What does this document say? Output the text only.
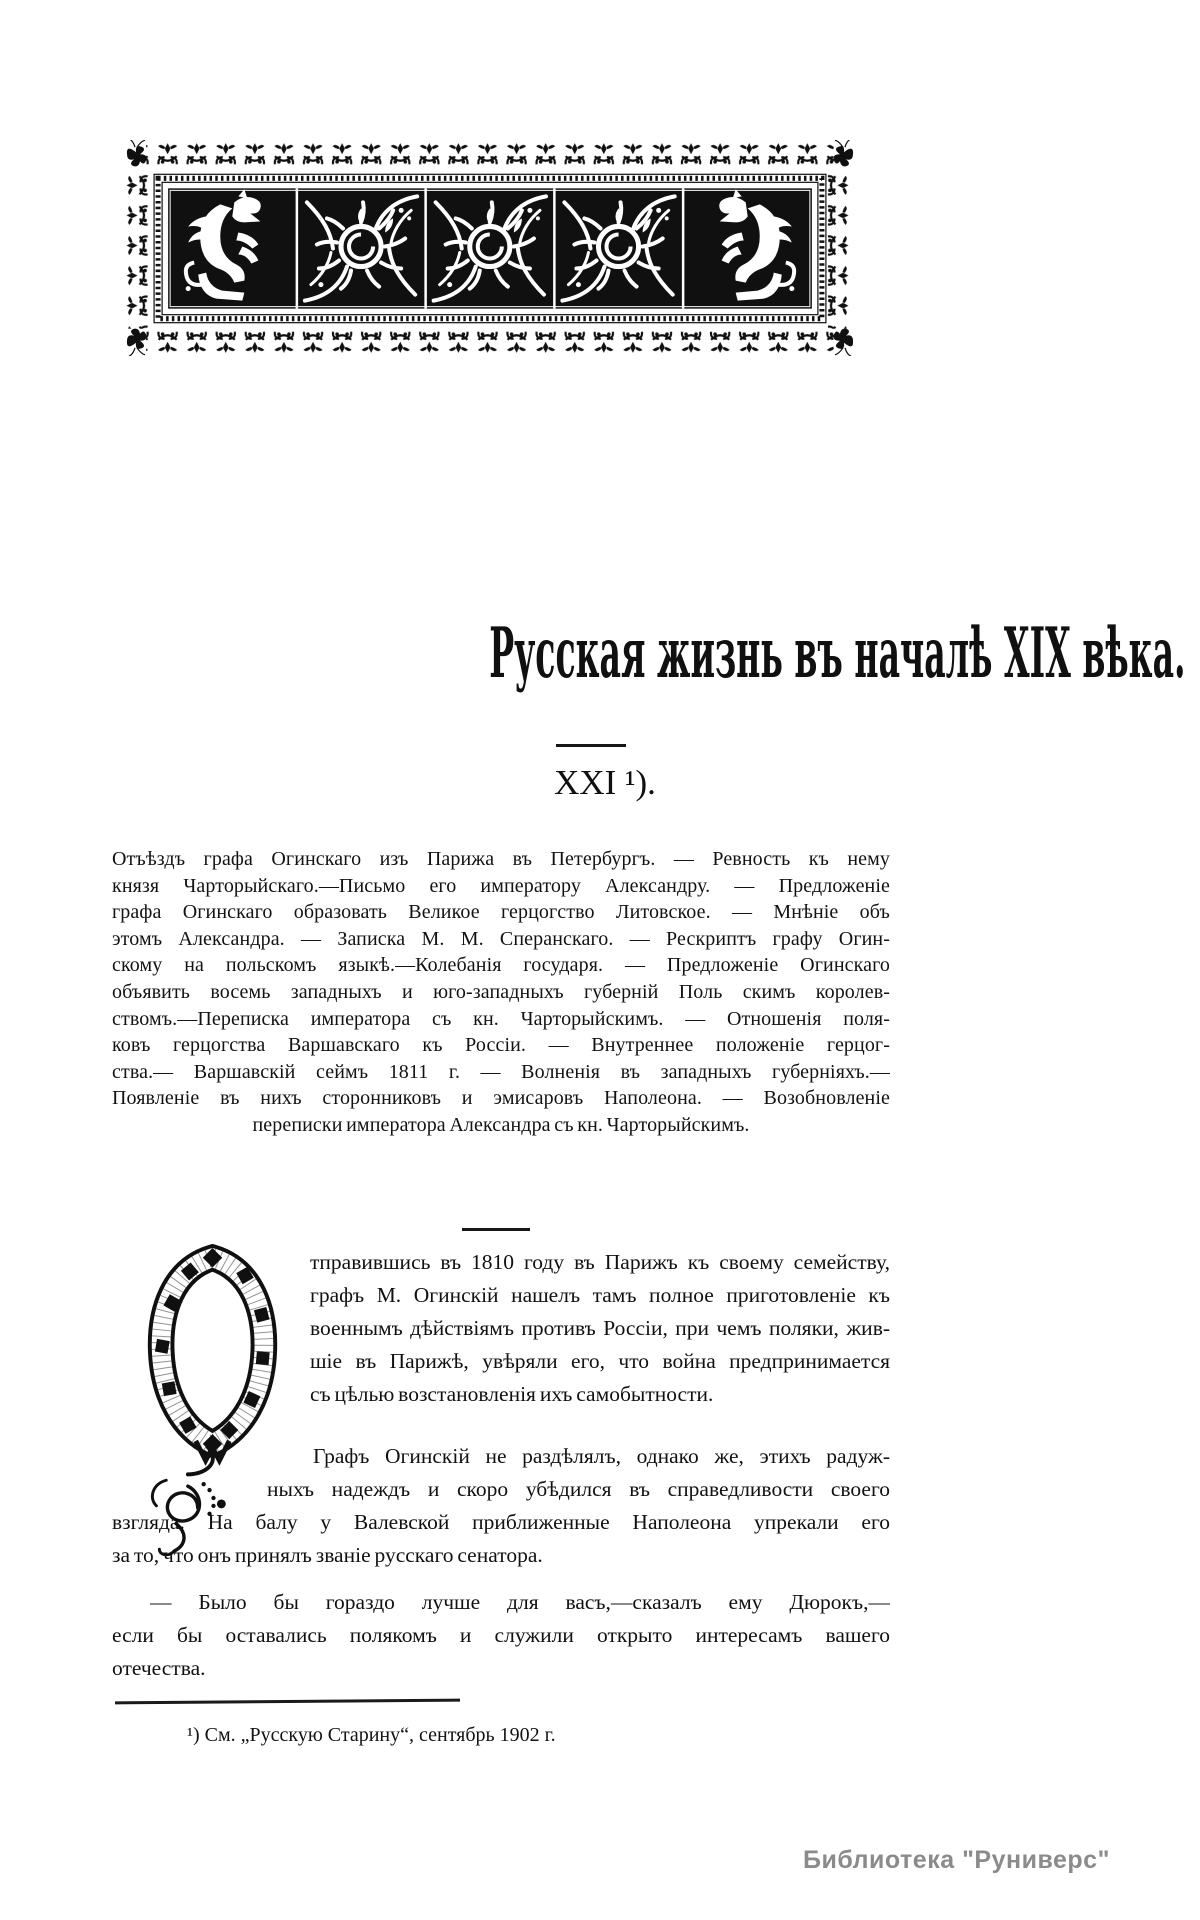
Русская жизнь въ началѣ XIX вѣка.
XXI ¹).
Отъѣздъ графа Огинскаго изъ Парижа въ Петербургъ. — Ревность къ нему
князя Чарторыйскаго.—Письмо его императору Александру. — Предложеніе
графа Огинскаго образовать Великое герцогство Литовское. — Мнѣніе объ
этомъ Александра. — Записка М. М. Сперанскаго. — Рескриптъ графу Огин-
скому на польскомъ языкѣ.—Колебанія государя. — Предложеніе Огинскаго
объявить восемь западныхъ и юго-западныхъ губерній Поль скимъ королев-
ствомъ.—Переписка императора съ кн. Чарторыйскимъ. — Отношенія поля-
ковъ герцогства Варшавскаго къ Россіи. — Внутреннее положеніе герцог-
ства.— Варшавскій сеймъ 1811 г. — Волненія въ западныхъ губерніяхъ.—
Появленіе въ нихъ сторонниковъ и эмисаровъ Наполеона. — Возобновленіе
переписки императора Александра съ кн. Чарторыйскимъ.
тправившись въ 1810 году въ Парижъ къ своему семейству,
графъ М. Огинскій нашелъ тамъ полное приготовленіе къ
военнымъ дѣйствіямъ противъ Россіи, при чемъ поляки, жив-
шіе въ Парижѣ, увѣряли его, что война предпринимается
съ цѣлью возстановленія ихъ самобытности.
Графъ Огинскій не раздѣлялъ, однако же, этихъ радуж-
ныхъ надеждъ и скоро убѣдился въ справедливости своего
взгляда. На балу у Валевской приближенные Наполеона упрекали его
за то, что онъ принялъ званіе русскаго сенатора.
— Было бы гораздо лучше для васъ,—сказалъ ему Дюрокъ,—
если бы оставались полякомъ и служили открыто интересамъ вашего
отечества.
¹) См. „Русскую Старину“, сентябрь 1902 г.
Библиотека "Руниверс"
